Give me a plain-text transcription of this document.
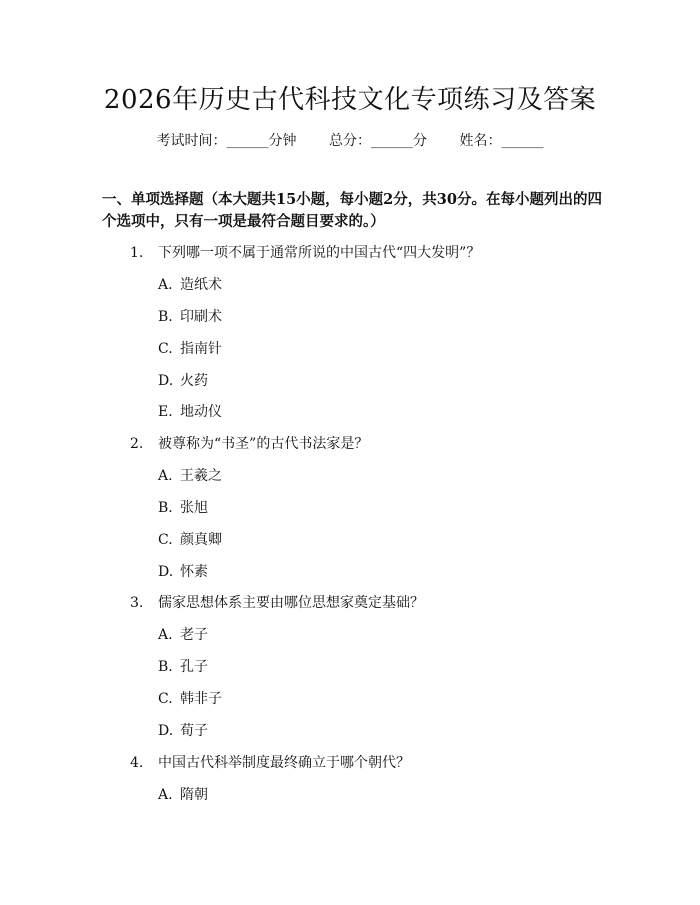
2026年历史古代科技文化专项练习及答案
考试时间：______分钟 总分：______分 姓名：______
一、单项选择题（本大题共15小题，每小题2分，共30分。在每小题列出的四个选项中，只有一项是最符合题目要求的。）
1. 下列哪一项不属于通常所说的中国古代“四大发明”？
A. 造纸术
B. 印刷术
C. 指南针
D. 火药
E. 地动仪
2. 被尊称为“书圣”的古代书法家是？
A. 王羲之
B. 张旭
C. 颜真卿
D. 怀素
3. 儒家思想体系主要由哪位思想家奠定基础？
A. 老子
B. 孔子
C. 韩非子
D. 荀子
4. 中国古代科举制度最终确立于哪个朝代？
A. 隋朝
